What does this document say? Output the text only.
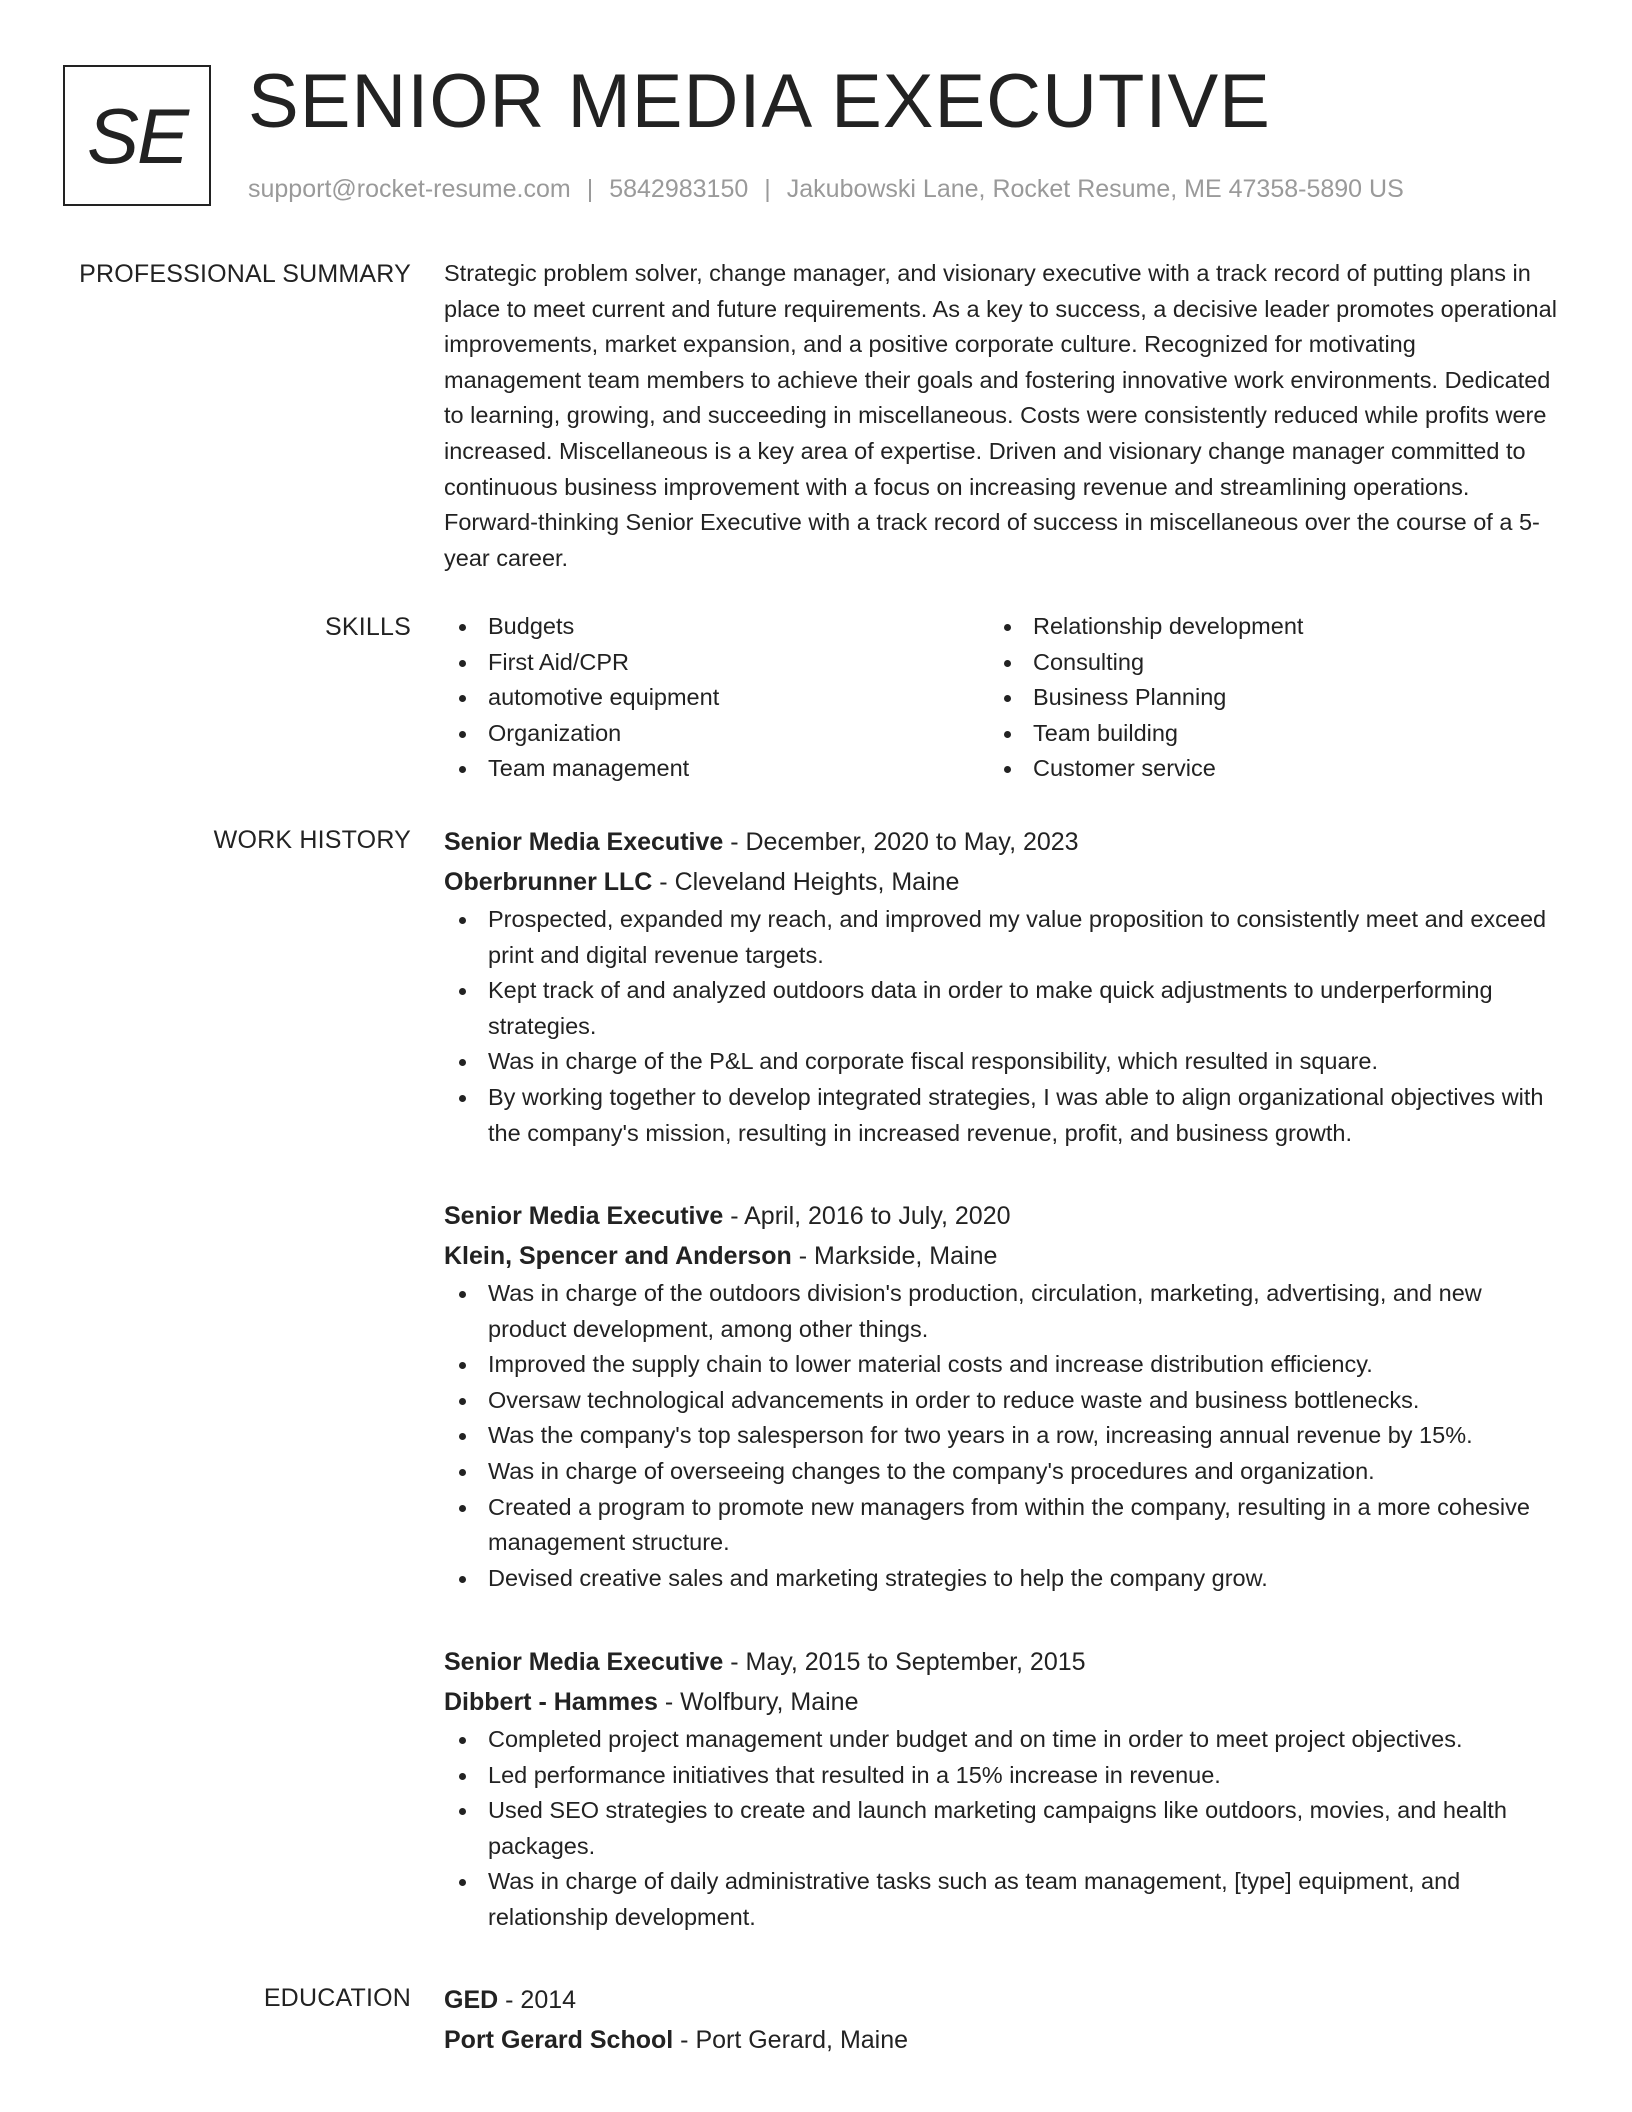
SE SENIOR MEDIA EXECUTIVE
support@rocket-resume.com | 5842983150 | Jakubowski Lane, Rocket Resume, ME 47358-5890 US
PROFESSIONAL SUMMARY Strategic problem solver, change manager, and visionary executive with a track record of putting plans in place to meet current and future requirements. As a key to success, a decisive leader promotes operational improvements, market expansion, and a positive corporate culture. Recognized for motivating management team members to achieve their goals and fostering innovative work environments. Dedicated to learning, growing, and succeeding in miscellaneous. Costs were consistently reduced while profits were increased. Miscellaneous is a key area of expertise. Driven and visionary change manager committed to continuous business improvement with a focus on increasing revenue and streamlining operations. Forward-thinking Senior Executive with a track record of success in miscellaneous over the course of a 5-year career.

SKILLS	Budgets
First Aid/CPR
automotive equipment
Organization
Team management
Relationship development
Consulting
Business Planning
Team building
Customer service
WORK HISTORY Senior Media Executive - December, 2020 to May, 2023
Oberbrunner LLC - Cleveland Heights, Maine
Prospected, expanded my reach, and improved my value proposition to consistently meet and exceed print and digital revenue targets.
Kept track of and analyzed outdoors data in order to make quick adjustments to underperforming strategies.
Was in charge of the P&L and corporate fiscal responsibility, which resulted in square.
By working together to develop integrated strategies, I was able to align organizational objectives with the company's mission, resulting in increased revenue, profit, and business growth.
Senior Media Executive - April, 2016 to July, 2020
Klein, Spencer and Anderson - Markside, Maine
Was in charge of the outdoors division's production, circulation, marketing, advertising, and new product development, among other things.
Improved the supply chain to lower material costs and increase distribution efficiency.
Oversaw technological advancements in order to reduce waste and business bottlenecks.
Was the company's top salesperson for two years in a row, increasing annual revenue by 15%.
Was in charge of overseeing changes to the company's procedures and organization.
Created a program to promote new managers from within the company, resulting in a more cohesive management structure.
Devised creative sales and marketing strategies to help the company grow.
Senior Media Executive - May, 2015 to September, 2015
Dibbert - Hammes - Wolfbury, Maine
Completed project management under budget and on time in order to meet project objectives.
Led performance initiatives that resulted in a 15% increase in revenue.
Used SEO strategies to create and launch marketing campaigns like outdoors, movies, and health packages.
Was in charge of daily administrative tasks such as team management, [type] equipment, and relationship development.
EDUCATION GED - 2014
Port Gerard School - Port Gerard, Maine
